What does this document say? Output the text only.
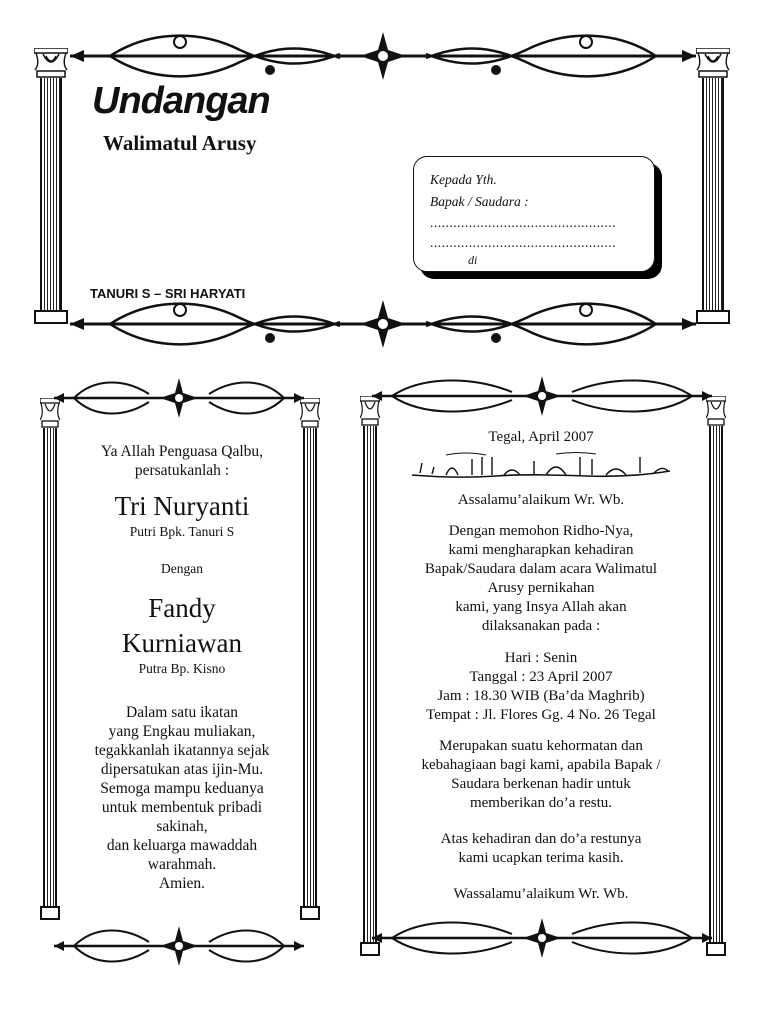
Undangan
Walimatul Arusy
TANURI S – SRI HARYATI
Kepada Yth.
Bapak / Saudara :
................................................
................................................
di
Ya Allah Penguasa Qalbu,
persatukanlah :
Tri Nuryanti
Putri Bpk. Tanuri S
Dengan
Fandy
Kurniawan
Putra Bp. Kisno
Dalam satu ikatan
yang Engkau muliakan,
tegakkanlah ikatannya sejak
dipersatukan atas ijin-Mu.
Semoga mampu keduanya
untuk membentuk pribadi
sakinah,
dan keluarga mawaddah
warahmah.
Amien.
Tegal, April 2007
Assalamu’alaikum Wr. Wb.
Dengan memohon Ridho-Nya,
kami mengharapkan kehadiran
Bapak/Saudara dalam acara Walimatul
Arusy pernikahan
kami, yang Insya Allah akan
dilaksanakan pada :
Hari : Senin
Tanggal : 23 April 2007
Jam : 18.30 WIB (Ba’da Maghrib)
Tempat : Jl. Flores Gg. 4 No. 26 Tegal
Merupakan suatu kehormatan dan
kebahagiaan bagi kami, apabila Bapak /
Saudara berkenan hadir untuk
memberikan do’a restu.
Atas kehadiran dan do’a restunya
kami ucapkan terima kasih.
Wassalamu’alaikum Wr. Wb.
